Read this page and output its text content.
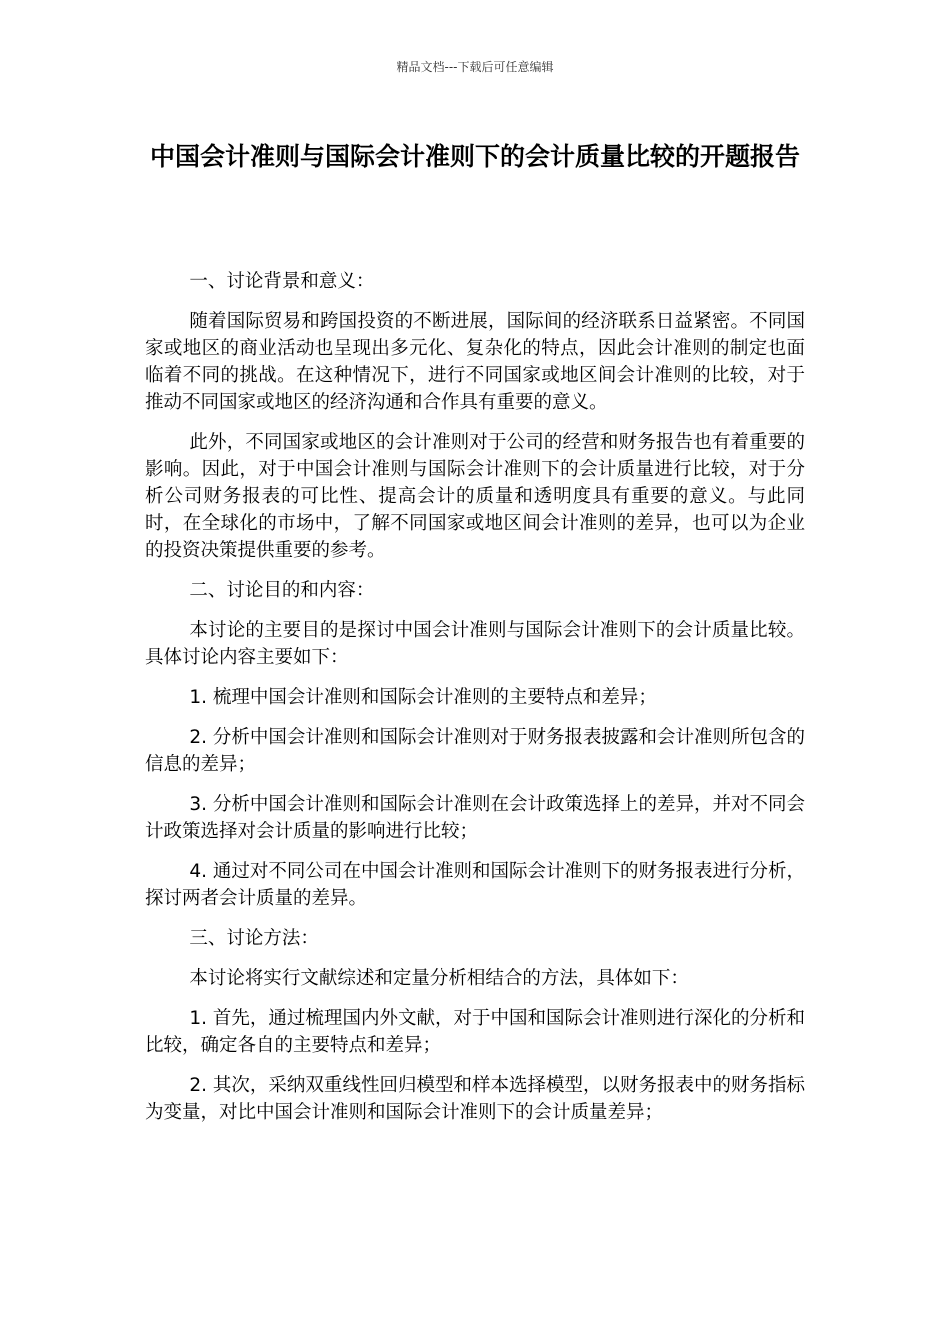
精品文档---下载后可任意编辑
中国会计准则与国际会计准则下的会计质量比较的开题报告

一、讨论背景和意义：

随着国际贸易和跨国投资的不断进展，国际间的经济联系日益紧密。不同国家或地区的商业活动也呈现出多元化、复杂化的特点，因此会计准则的制定也面临着不同的挑战。在这种情况下，进行不同国家或地区间会计准则的比较，对于推动不同国家或地区的经济沟通和合作具有重要的意义。

此外，不同国家或地区的会计准则对于公司的经营和财务报告也有着重要的影响。因此，对于中国会计准则与国际会计准则下的会计质量进行比较，对于分析公司财务报表的可比性、提高会计的质量和透明度具有重要的意义。与此同时，在全球化的市场中，了解不同国家或地区间会计准则的差异，也可以为企业的投资决策提供重要的参考。

二、讨论目的和内容：

本讨论的主要目的是探讨中国会计准则与国际会计准则下的会计质量比较。具体讨论内容主要如下：

1. 梳理中国会计准则和国际会计准则的主要特点和差异；

2. 分析中国会计准则和国际会计准则对于财务报表披露和会计准则所包含的信息的差异；

3. 分析中国会计准则和国际会计准则在会计政策选择上的差异，并对不同会计政策选择对会计质量的影响进行比较；

4. 通过对不同公司在中国会计准则和国际会计准则下的财务报表进行分析，探讨两者会计质量的差异。

三、讨论方法：

本讨论将实行文献综述和定量分析相结合的方法，具体如下：

1. 首先，通过梳理国内外文献，对于中国和国际会计准则进行深化的分析和比较，确定各自的主要特点和差异；

2. 其次，采纳双重线性回归模型和样本选择模型，以财务报表中的财务指标为变量，对比中国会计准则和国际会计准则下的会计质量差异；
